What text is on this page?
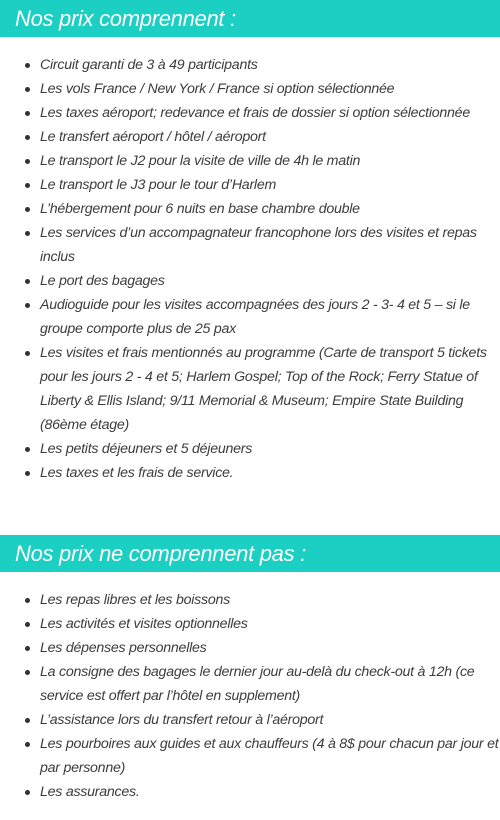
Nos prix comprennent :
Circuit garanti de 3 à 49 participants
Les vols France / New York / France si option sélectionnée
Les taxes aéroport; redevance et frais de dossier si option sélectionnée
Le transfert aéroport / hôtel / aéroport
Le transport le J2 pour la visite de ville de 4h le matin
Le transport le J3 pour le tour d’Harlem
L’hébergement pour 6 nuits en base chambre double
Les services d’un accompagnateur francophone lors des visites et repas inclus
Le port des bagages
Audioguide pour les visites accompagnées des jours 2 - 3- 4 et 5 – si le groupe comporte plus de 25 pax
Les visites et frais mentionnés au programme (Carte de transport 5 tickets pour les jours 2 - 4 et 5; Harlem Gospel; Top of the Rock; Ferry Statue of Liberty & Ellis Island; 9/11 Memorial & Museum; Empire State Building (86ème étage)
Les petits déjeuners et 5 déjeuners
Les taxes et les frais de service.
Nos prix ne comprennent pas :
Les repas libres et les boissons
Les activités et visites optionnelles
Les dépenses personnelles
La consigne des bagages le dernier jour au-delà du check-out à 12h (ce service est offert par l’hôtel en supplement)
L’assistance lors du transfert retour à l’aéroport
Les pourboires aux guides et aux chauffeurs (4 à 8$ pour chacun par jour et par personne)
Les assurances.
